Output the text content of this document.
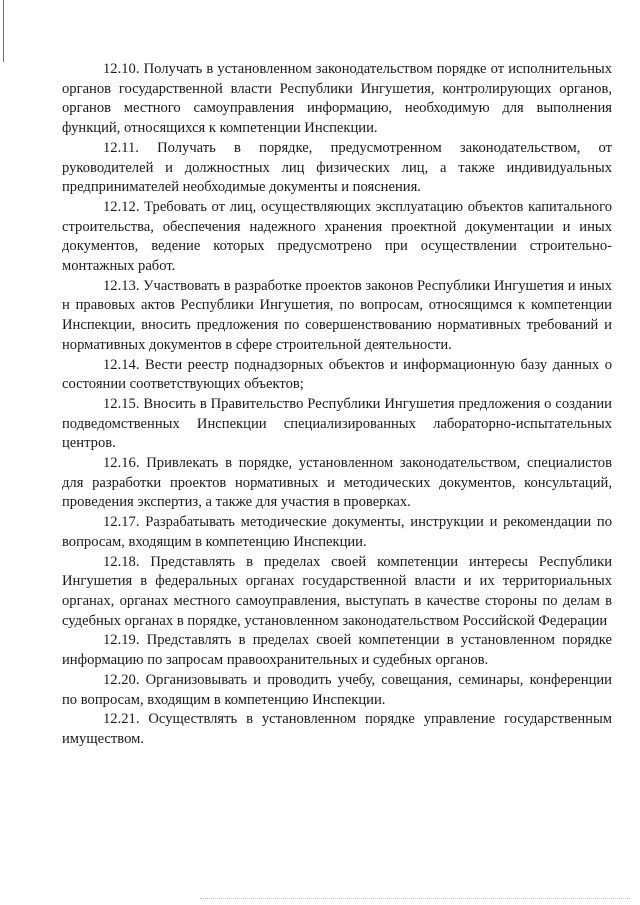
12.10. Получать в установленном законодательством порядке от исполнительных органов государственной власти Республики Ингушетия, контролирующих органов, органов местного самоуправления информацию, необходимую для выполнения функций, относящихся к компетенции Инспекции.

12.11. Получать в порядке, предусмотренном законодательством, от руководителей и должностных лиц физических лиц, а также индивидуальных предпринимателей необходимые документы и пояснения.

12.12. Требовать от лиц, осуществляющих эксплуатацию объектов капитального строительства, обеспечения надежного хранения проектной документации и иных документов, ведение которых предусмотрено при осуществлении строительно-монтажных работ.

12.13. Участвовать в разработке проектов законов Республики Ингушетия и иных н правовых актов Республики Ингушетия, по вопросам, относящимся к компетенции Инспекции, вносить предложения по совершенствованию нормативных требований и нормативных документов в сфере строительной деятельности.

12.14. Вести реестр поднадзорных объектов и информационную базу данных о состоянии соответствующих объектов;

12.15. Вносить в Правительство Республики Ингушетия предложения о создании подведомственных Инспекции специализированных лабораторно-испытательных центров.

12.16. Привлекать в порядке, установленном законодательством, специалистов для разработки проектов нормативных и методических документов, консультаций, проведения экспертиз, а также для участия в проверках.

12.17. Разрабатывать методические документы, инструкции и рекомендации по вопросам, входящим в компетенцию Инспекции.

12.18. Представлять в пределах своей компетенции интересы Республики Ингушетия в федеральных органах государственной власти и их территориальных органах, органах местного самоуправления, выступать в качестве стороны по делам в судебных органах в порядке, установленном законодательством Российской Федерации

12.19. Представлять в пределах своей компетенции в установленном порядке информацию по запросам правоохранительных и судебных органов.

12.20. Организовывать и проводить учебу, совещания, семинары, конференции по вопросам, входящим в компетенцию Инспекции.

12.21. Осуществлять в установленном порядке управление государственным имуществом.
